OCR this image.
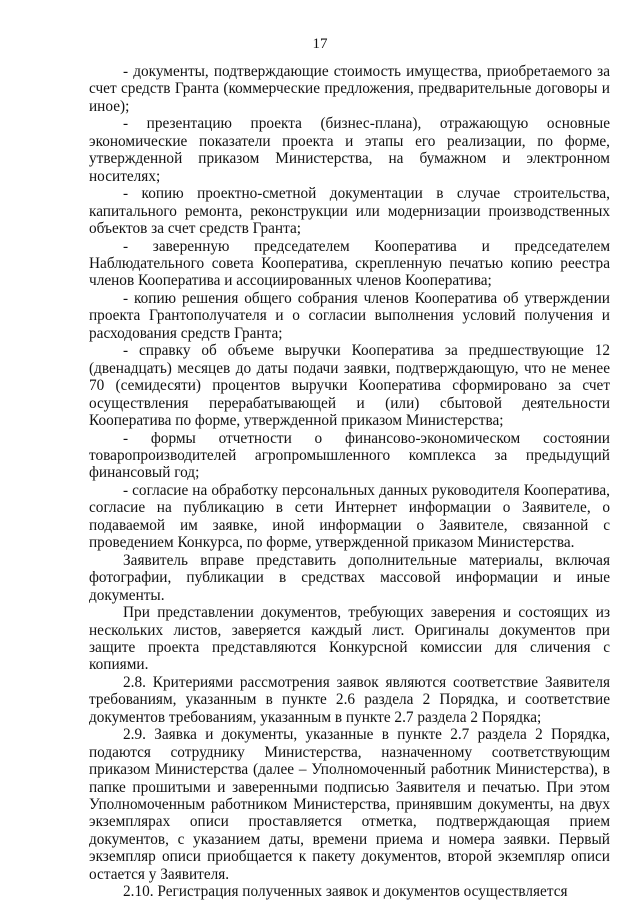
17

- документы, подтверждающие стоимость имущества, приобретаемого за счет средств Гранта (коммерческие предложения, предварительные договоры и иное);

- презентацию проекта (бизнес-плана), отражающую основные экономические показатели проекта и этапы его реализации, по форме, утвержденной приказом Министерства, на бумажном и электронном носителях;

- копию проектно-сметной документации в случае строительства, капитального ремонта, реконструкции или модернизации производственных объектов за счет средств Гранта;

- заверенную председателем Кооператива и председателем Наблюдательного совета Кооператива, скрепленную печатью копию реестра членов Кооператива и ассоциированных членов Кооператива;

- копию решения общего собрания членов Кооператива об утверждении проекта Грантополучателя и о согласии выполнения условий получения и расходования средств Гранта;

- справку об объеме выручки Кооператива за предшествующие 12 (двенадцать) месяцев до даты подачи заявки, подтверждающую, что не менее 70 (семидесяти) процентов выручки Кооператива сформировано за счет осуществления перерабатывающей и (или) сбытовой деятельности Кооператива по форме, утвержденной приказом Министерства;

- формы отчетности о финансово-экономическом состоянии товаропроизводителей агропромышленного комплекса за предыдущий финансовый год;

- согласие на обработку персональных данных руководителя Кооператива, согласие на публикацию в сети Интернет информации о Заявителе, о подаваемой им заявке, иной информации о Заявителе, связанной с проведением Конкурса, по форме, утвержденной приказом Министерства.

Заявитель вправе представить дополнительные материалы, включая фотографии, публикации в средствах массовой информации и иные документы.

При представлении документов, требующих заверения и состоящих из нескольких листов, заверяется каждый лист. Оригиналы документов при защите проекта представляются Конкурсной комиссии для сличения с копиями.

2.8. Критериями рассмотрения заявок являются соответствие Заявителя требованиям, указанным в пункте 2.6 раздела 2 Порядка, и соответствие документов требованиям, указанным в пункте 2.7 раздела 2 Порядка;

2.9. Заявка и документы, указанные в пункте 2.7 раздела 2 Порядка, подаются сотруднику Министерства, назначенному соответствующим приказом Министерства (далее – Уполномоченный работник Министерства), в папке прошитыми и заверенными подписью Заявителя и печатью. При этом Уполномоченным работником Министерства, принявшим документы, на двух экземплярах описи проставляется отметка, подтверждающая прием документов, с указанием даты, времени приема и номера заявки. Первый экземпляр описи приобщается к пакету документов, второй экземпляр описи остается у Заявителя.

2.10. Регистрация полученных заявок и документов осуществляется
